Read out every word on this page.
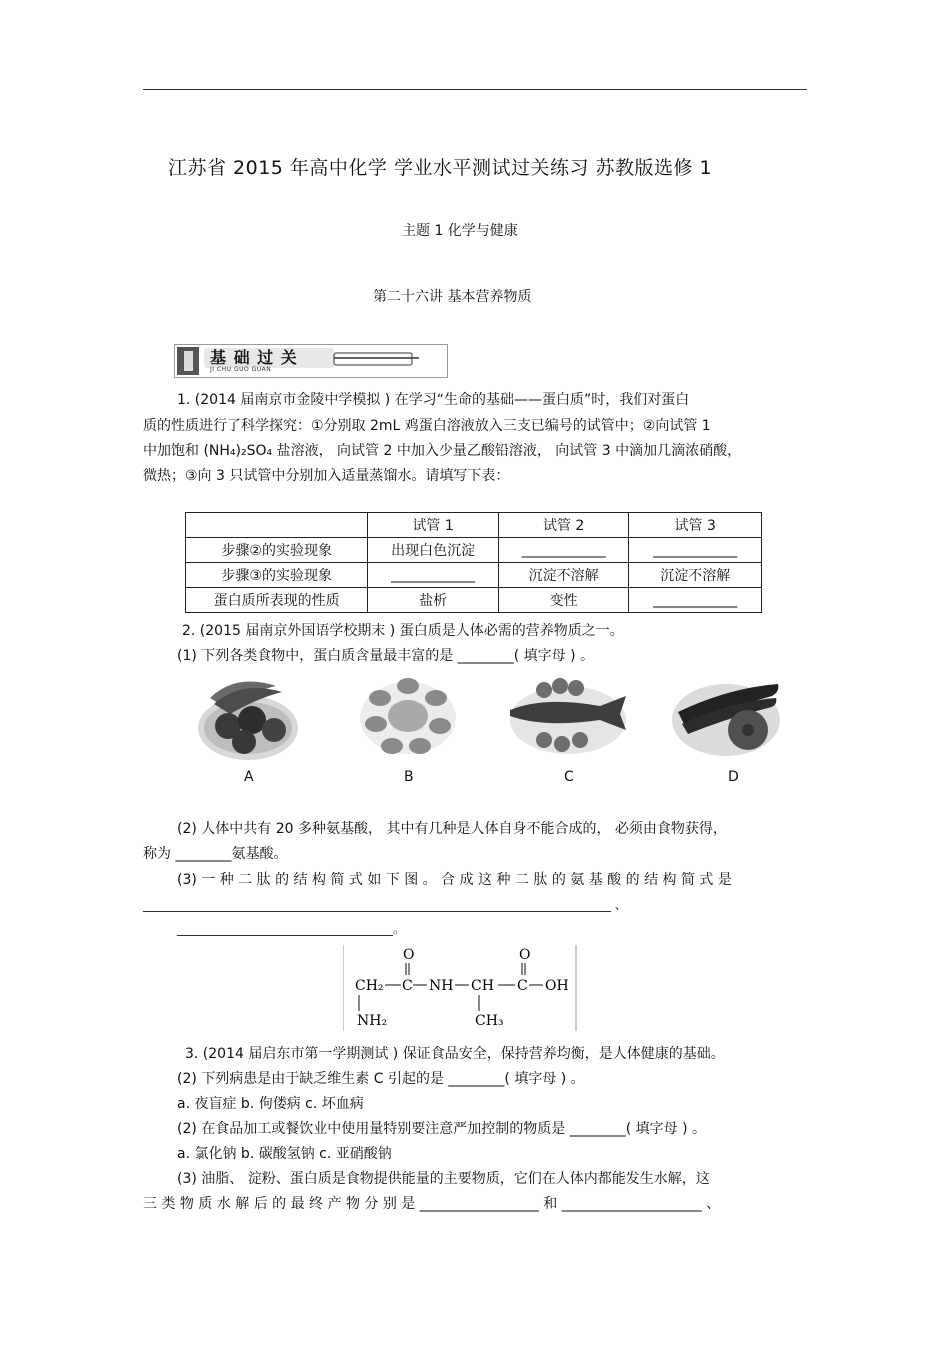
江苏省 2015 年高中化学 学业水平测试过关练习 苏教版选修 1
主题 1 化学与健康
第二十六讲 基本营养物质
基 础 过 关
JI CHU GUO GUAN
1. (2014 届南京市金陵中学模拟 ) 在学习“生命的基础——蛋白质”时，我们对蛋白
质的性质进行了科学探究：①分别取 2mL 鸡蛋白溶液放入三支已编号的试管中；②向试管 1
中加饱和 (NH₄)₂SO₄ 盐溶液， 向试管 2 中加入少量乙酸铅溶液， 向试管 3 中滴加几滴浓硝酸，
微热；③向 3 只试管中分别加入适量蒸馏水。请填写下表：
	试管 1	试管 2	试管 3
步骤②的实验现象	出现白色沉淀	____________	____________
步骤③的实验现象	____________	沉淀不溶解	沉淀不溶解
蛋白质所表现的性质	盐析	变性	____________
2. (2015 届南京外国语学校期末 ) 蛋白质是人体必需的营养物质之一。
(1) 下列各类食物中，蛋白质含量最丰富的是 ________( 填字母 ) 。
A	B	C	D
(2) 人体中共有 20 多种氨基酸， 其中有几种是人体自身不能合成的， 必须由食物获得，
称为 ________氨基酸。
(3) 一 种 二 肽 的 结 构 简 式 如 下 图 。 合 成 这 种 二 肽 的 氨 基 酸 的 结 构 简 式 是
______________________________________________________________________________ 、
____________________________________。
O	O
CH₂ C NH CH C OH
NH₂	CH₃
3. (2014 届启东市第一学期测试 ) 保证食品安全，保持营养均衡，是人体健康的基础。
(2) 下列病患是由于缺乏维生素 C 引起的是 ________( 填字母 ) 。
a. 夜盲症 b. 佝偻病 c. 坏血病
(2) 在食品加工或餐饮业中使用量特别要注意严加控制的物质是 ________( 填字母 ) 。
a. 氯化钠 b. 碳酸氢钠 c. 亚硝酸钠
(3) 油脂、 淀粉、蛋白质是食物提供能量的主要物质，它们在人体内都能发生水解，这
三 类 物 质 水 解 后 的 最 终 产 物 分 别 是 _________________ 和 ____________________ 、
